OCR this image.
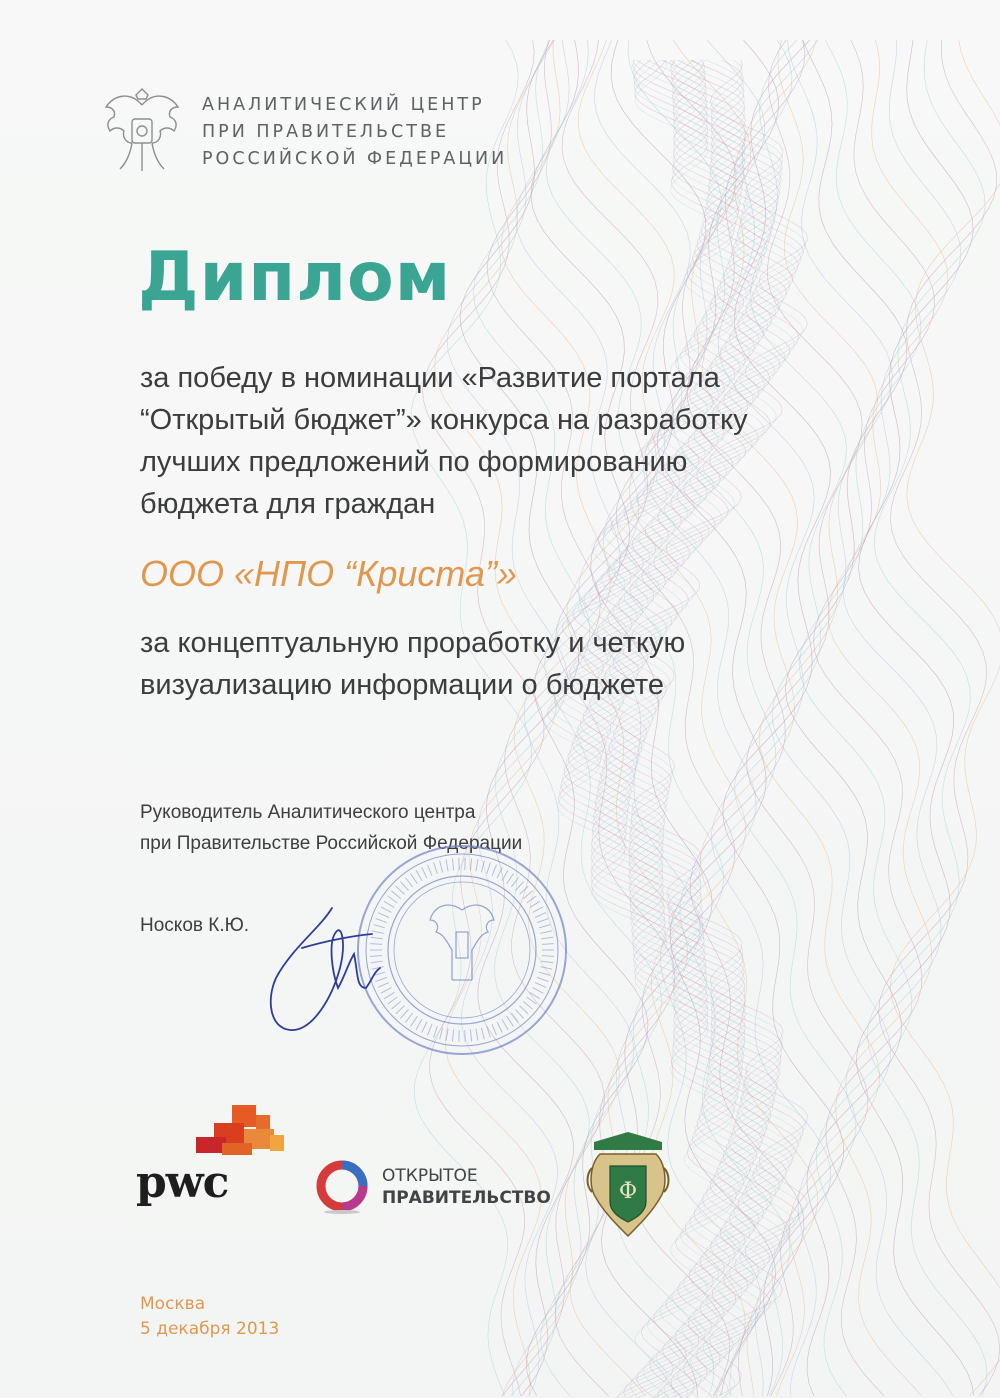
АНАЛИТИЧЕСКИЙ ЦЕНТР
ПРИ ПРАВИТЕЛЬСТВЕ
РОССИЙСКОЙ ФЕДЕРАЦИИ
Диплом
за победу в номинации «Развитие портала
“Открытый бюджет”» конкурса на разработку
лучших предложений по формированию
бюджета для граждан
ООО «НПО “Криста”»
за концептуальную проработку и четкую
визуализацию информации о бюджете
Руководитель Аналитического центра
при Правительстве Российской Федерации
Носков К.Ю.
pwc	ОТКРЫТОЕ
ПРАВИТЕЛЬСТВО	Ф
Москва
5 декабря 2013
